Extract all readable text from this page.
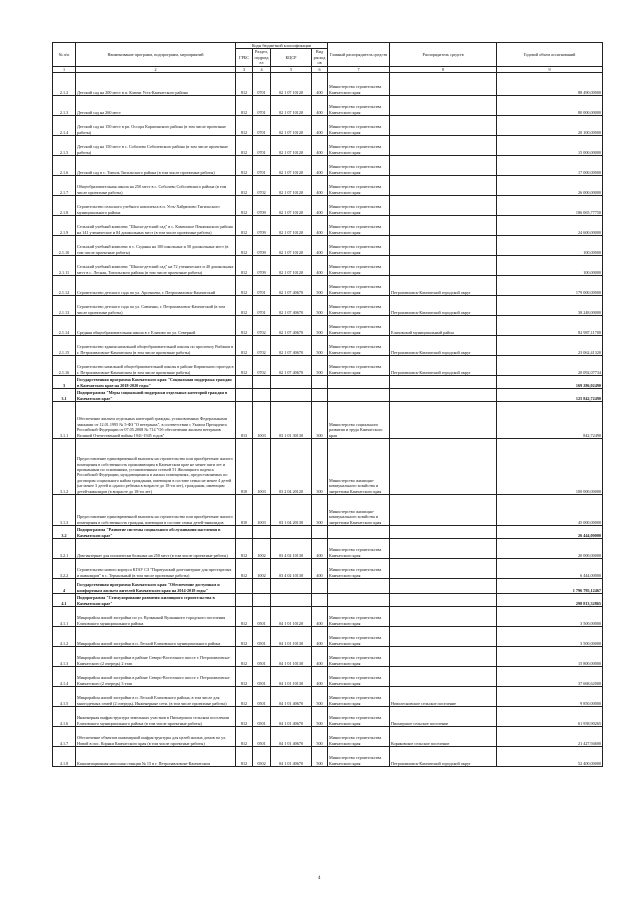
№ п/п	Наименование программ, подпрограмм, мероприятий	Коды бюджетной классификации				Главный распорядитель средств	Распорядитель средств	Годовой объем ассигнований
		ГРБС	Раздел, подраздел	КЦСР	Вид расходов			
1	2	3	4	5	6	7	8	9
2.1.2	Детский сад на 200 мест в п. Ключи Усть-Камчатского района	812	0701	02 1 07 10120	400	Министерство строительства Камчатского края		88 490,00000
2.1.3	Детский сад на 260 мест	812	0701	02 1 07 10120	400	Министерство строительства Камчатского края		80 000,00000
2.1.4	Детский сад на 150 мест в рп. Оссора Карагинского района (в том числе проектные работы)	812	0701	02 1 07 10120	400	Министерство строительства Камчатского края		20 100,00000
2.1.5	Детский сад на 150 мест в с. Соболево Соболевского района (в том числе проектные работы)	812	0701	02 1 07 10120	400	Министерство строительства Камчатского края		15 000,00000
2.1.6	Детский сад в с. Тигиль Тигильского района (в том числе проектные работы)	812	0701	02 1 07 10120	400	Министерство строительства Камчатского края		17 000,00000
2.1.7	Общеобразовательная школа на 250 мест в с. Соболево Соболевского района (в том числе проектные работы)	812	0702	02 1 07 10120	400	Министерство строительства Камчатского края		26 000,00000
2.1.8	Строительство сельского учебного комплекса в п. Усть-Хайрюзово Тигильского муниципального района	812	0709	02 1 07 10120	400	Министерство строительства Камчатского края		186 065,77750
2.1.9	Сельский учебный комплекс "Школа-детский сад" в с. Каменское Пенжинского района на 141 ученическое и 84 дошкольных мест (в том числе проектные работы)	812	0709	02 1 07 10120	400	Министерство строительства Камчатского края		24 600,00000
2.1.10	Сельский учебный комплекс в с. Седанка на 100 школьных и 50 дошкольных мест (в том числе проектные работы)	812	0709	02 1 07 10120	400	Министерство строительства Камчатского края		100,00000
2.1.11	Сельский учебный комплекс "Школа-детский сад" на 72 ученических и 40 дошкольных мест в с. Лесная, Тигильского района (в том числе проектные работы)	812	0709	02 1 07 10120	400	Министерство строительства Камчатского края		100,00000
2.1.12	Строительство детского сада по ул. Арсеньева, г. Петропавловск-Камчатский	812	0701	02 1 07 40670	500	Министерство строительства Камчатского края	Петропавловск-Камчатский городской округ	179 000,00000
2.1.13	Строительство детского сада по ул. Савченко, г. Петропавловск-Камчатский (в том числе проектные работы)	812	0701	02 1 07 40670	500	Министерство строительства Камчатского края	Петропавловск-Камчатский городской округ	38 248,00000
2.1.14	Средняя общеобразовательная школа в г. Елизово по ул. Северной	812	0702	02 1 07 40670	500	Министерство строительства Камчатского края	Елизовский муниципальный район	82 987,11700
2.1.15	Строительство здания начальной общеобразовательной школы по проспекту Рыбаков в г. Петропавловске-Камчатском (в том числе проектные работы)	812	0702	02 1 07 40670	500	Министерство строительства Камчатского края	Петропавловск-Камчатский городской округ	23 062,41320
2.1.16	Строительство начальной общеобразовательной школы в районе Кирпичного проезда в г. Петропавловске-Камчатском (в том числе проектные работы)	812	0702	02 1 07 40670	500	Министерство строительства Камчатского края	Петропавловск-Камчатский городской округ	20 092,07734
3	Государственная программа Камчатского края "Социальная поддержка граждан в Камчатском крае на 2018-2020 годы"							169 286,02490
3.1	Подпрограмма "Меры социальной поддержки отдельных категорий граждан в Камчатском крае"							125 842,72490
3.1.1	Обеспечение жильем отдельных категорий граждан, установленных Федеральными законами от 12.01.1995 № 5-ФЗ "О ветеранах", в соответствии с Указом Президента Российской Федерации от 07.05.2008 № 714 "Об обеспечении жильем ветеранов Великой Отечественной войны 1941-1945 годов"	813	1003	03 1 01 30130	300	Министерство социального развития и труда Камчатского края		842,72490
3.1.2	Предоставление единовременной выплаты на строительство или приобретение жилого помещения в собственность проживающим в Камчатском крае не менее пяти лет и признанным по основаниям, установленным статьей 51 Жилищного кодекса Российской Федерации, нуждающимися в жилых помещениях, предоставляемых по договорам социального найма гражданам, имеющим в составе семьи не менее 4 детей (не менее 3 детей и одного ребенка в возрасте до 18-ти лет), гражданам, имеющим детей-инвалидов (в возрасте до 18-ти лет)	810	1003	03 2 04 20120	300	Министерство жилищно-коммунального хозяйства и энергетики Камчатского края		100 000,00000
3.1.3	Предоставление единовременной выплаты на строительство или приобретение жилого помещения в собственность граждан, имеющим в составе семьи детей-инвалидов	810	1003	03 1 04 20130	300	Министерство жилищно-коммунального хозяйства и энергетики Камчатского края		45 000,00000
3.2	Подпрограмма "Развитие системы социального обслуживания населения в Камчатском крае"							26 444,00000
3.2.1	Дом-интернат для психически больных на 250 мест (в том числе проектные работы)	812	1002	03 4 02 10130	400	Министерство строительства Камчатского края		20 000,00000
3.2.2	Строительство нового корпуса КГАУ СЗ "Паратунский дом-интернат для престарелых и инвалидов" в с. Термальный (в том числе проектные работы)	812	1002	03 4 02 10130	400	Министерство строительства Камчатского края		6 444,00000
4	Государственная программа Камчатского края "Обеспечение доступным и комфортным жильем жителей Камчатского края на 2014-2018 годы"							1 796 795,12467
4.1	Подпрограмма "Стимулирование развития жилищного строительства в Камчатском крае"							298 813,32865
4.1.1	Микрорайон жилой застройки по ул. Вулканной Вулканного городского поселения Елизовского муниципального района	812	0501	04 1 01 10120	400	Министерство строительства Камчатского края		3 500,00000
4.1.2	Микрорайон жилой застройки в п. Лесной Елизовского муниципального района	812	0501	04 1 01 10130	400	Министерство строительства Камчатского края		3 500,00000
4.1.3	Микрорайон жилой застройки в районе Северо-Восточного шоссе г. Петропавловска-Камчатского (2 очередь) 2 этап	812	0501	04 1 01 10130	400	Министерство строительства Камчатского края		15 800,00000
4.1.4	Микрорайон жилой застройки в районе Северо-Восточного шоссе г. Петропавловска-Камчатского (2 очередь) 3 этап	812	0501	04 1 01 10130	400	Министерство строительства Камчатского края		37 668,62000
4.1.5	Микрорайон жилой застройки в п. Лесной Елизовского района, в том числе для многодетных семей (2 очередь). Инженерные сети. (в том числе проектные работы)	812	0501	04 1 01 40670	500	Министерство строительства Камчатского края	Новолесновское сельское поселение	9 850,00000
4.1.6	Инженерная инфраструктура земельных участков в Пионерском сельском поселении Елизовского муниципального района (в том числе проектные работы)	812	0501	04 1 01 40670	500	Министерство строительства Камчатского края	Пионерское сельское поселение	61 958,90265
4.1.7	Обеспечение объектов инженерной инфраструктуры для целей жилых домов по ул. Новой в пос. Коряки Камчатского края (в том числе проектные работы)	812	0501	04 1 01 40670	500	Министерство строительства Камчатского края	Коряковское сельское поселение	21 427,94600
4.1.8	Канализационная насосная станция № 15 в г. Петропавловске-Камчатском	812	0502	04 1 01 40670	500	Министерство строительства Камчатского края	Петропавловск-Камчатский городской округ	52 400,00000
4
